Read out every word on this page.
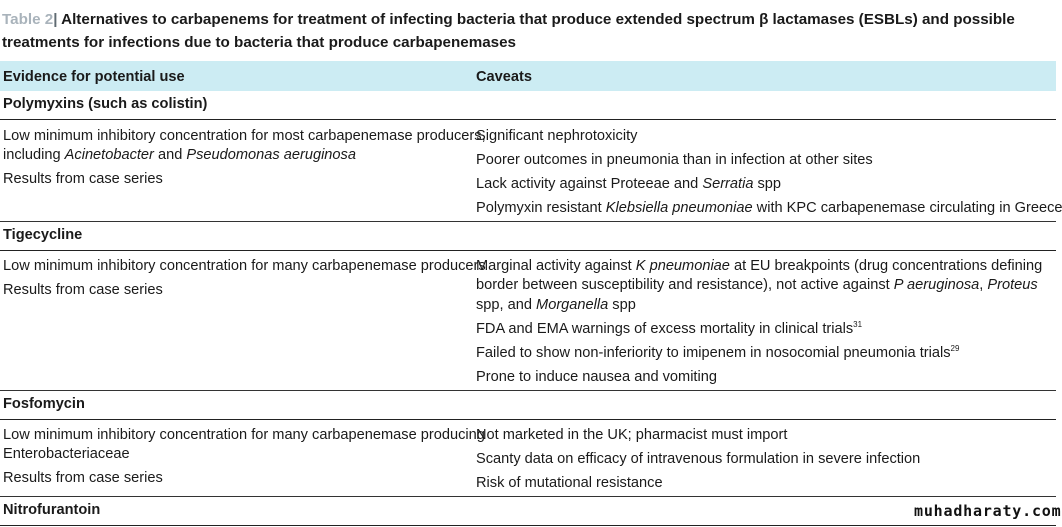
Table 2| Alternatives to carbapenems for treatment of infecting bacteria that produce extended spectrum β lactamases (ESBLs) and possible
treatments for infections due to bacteria that produce carbapenemases
Evidence for potential use	Caveats
Polymyxins (such as colistin)
Low minimum inhibitory concentration for most carbapenemase producers,
including Acinetobacter and Pseudomonas aeruginosa
Results from case series
Significant nephrotoxicity
Poorer outcomes in pneumonia than in infection at other sites
Lack activity against Proteeae and Serratia spp
Polymyxin resistant Klebsiella pneumoniae with KPC carbapenemase circulating in Greece
Tigecycline
Low minimum inhibitory concentration for many carbapenemase producers
Results from case series
Marginal activity against K pneumoniae at EU breakpoints (drug concentrations defining
border between susceptibility and resistance), not active against P aeruginosa, Proteus
spp, and Morganella spp
FDA and EMA warnings of excess mortality in clinical trials$^{31}$
Failed to show non-inferiority to imipenem in nosocomial pneumonia trials$^{29}$
Prone to induce nausea and vomiting
Fosfomycin
Low minimum inhibitory concentration for many carbapenemase producing
Enterobacteriaceae
Results from case series
Not marketed in the UK; pharmacist must import
Scanty data on efficacy of intravenous formulation in severe infection
Risk of mutational resistance
Nitrofurantoin	muhadharaty.com
